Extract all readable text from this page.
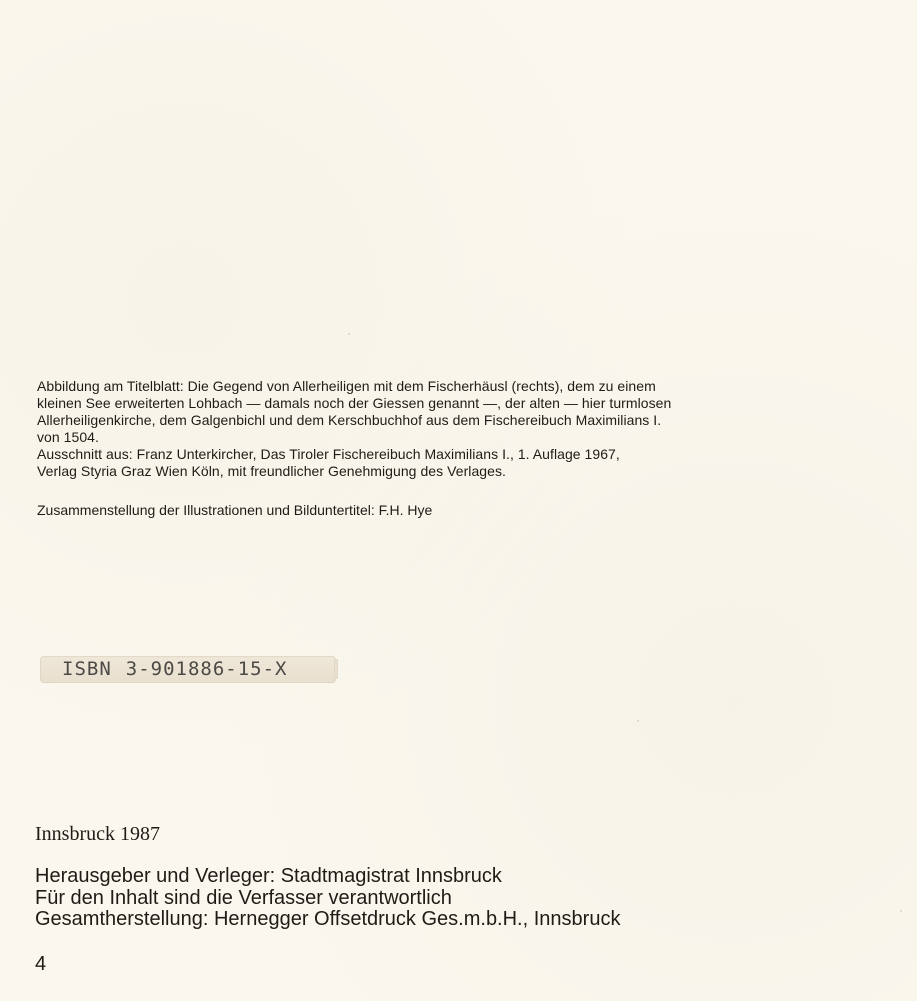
Abbildung am Titelblatt: Die Gegend von Allerheiligen mit dem Fischerhäusl (rechts), dem zu einem

kleinen See erweiterten Lohbach — damals noch der Giessen genannt —, der alten — hier turmlosen

Allerheiligenkirche, dem Galgenbichl und dem Kerschbuchhof aus dem Fischereibuch Maximilians I.

von 1504.

Ausschnitt aus: Franz Unterkircher, Das Tiroler Fischereibuch Maximilians I., 1. Auflage 1967,

Verlag Styria Graz Wien Köln, mit freundlicher Genehmigung des Verlages.

Zusammenstellung der Illustrationen und Bilduntertitel: F.H. Hye
ISBN 3-901886-15-X
Innsbruck 1987

Herausgeber und Verleger: Stadtmagistrat Innsbruck

Für den Inhalt sind die Verfasser verantwortlich

Gesamtherstellung: Hernegger Offsetdruck Ges.m.b.H., Innsbruck

4
